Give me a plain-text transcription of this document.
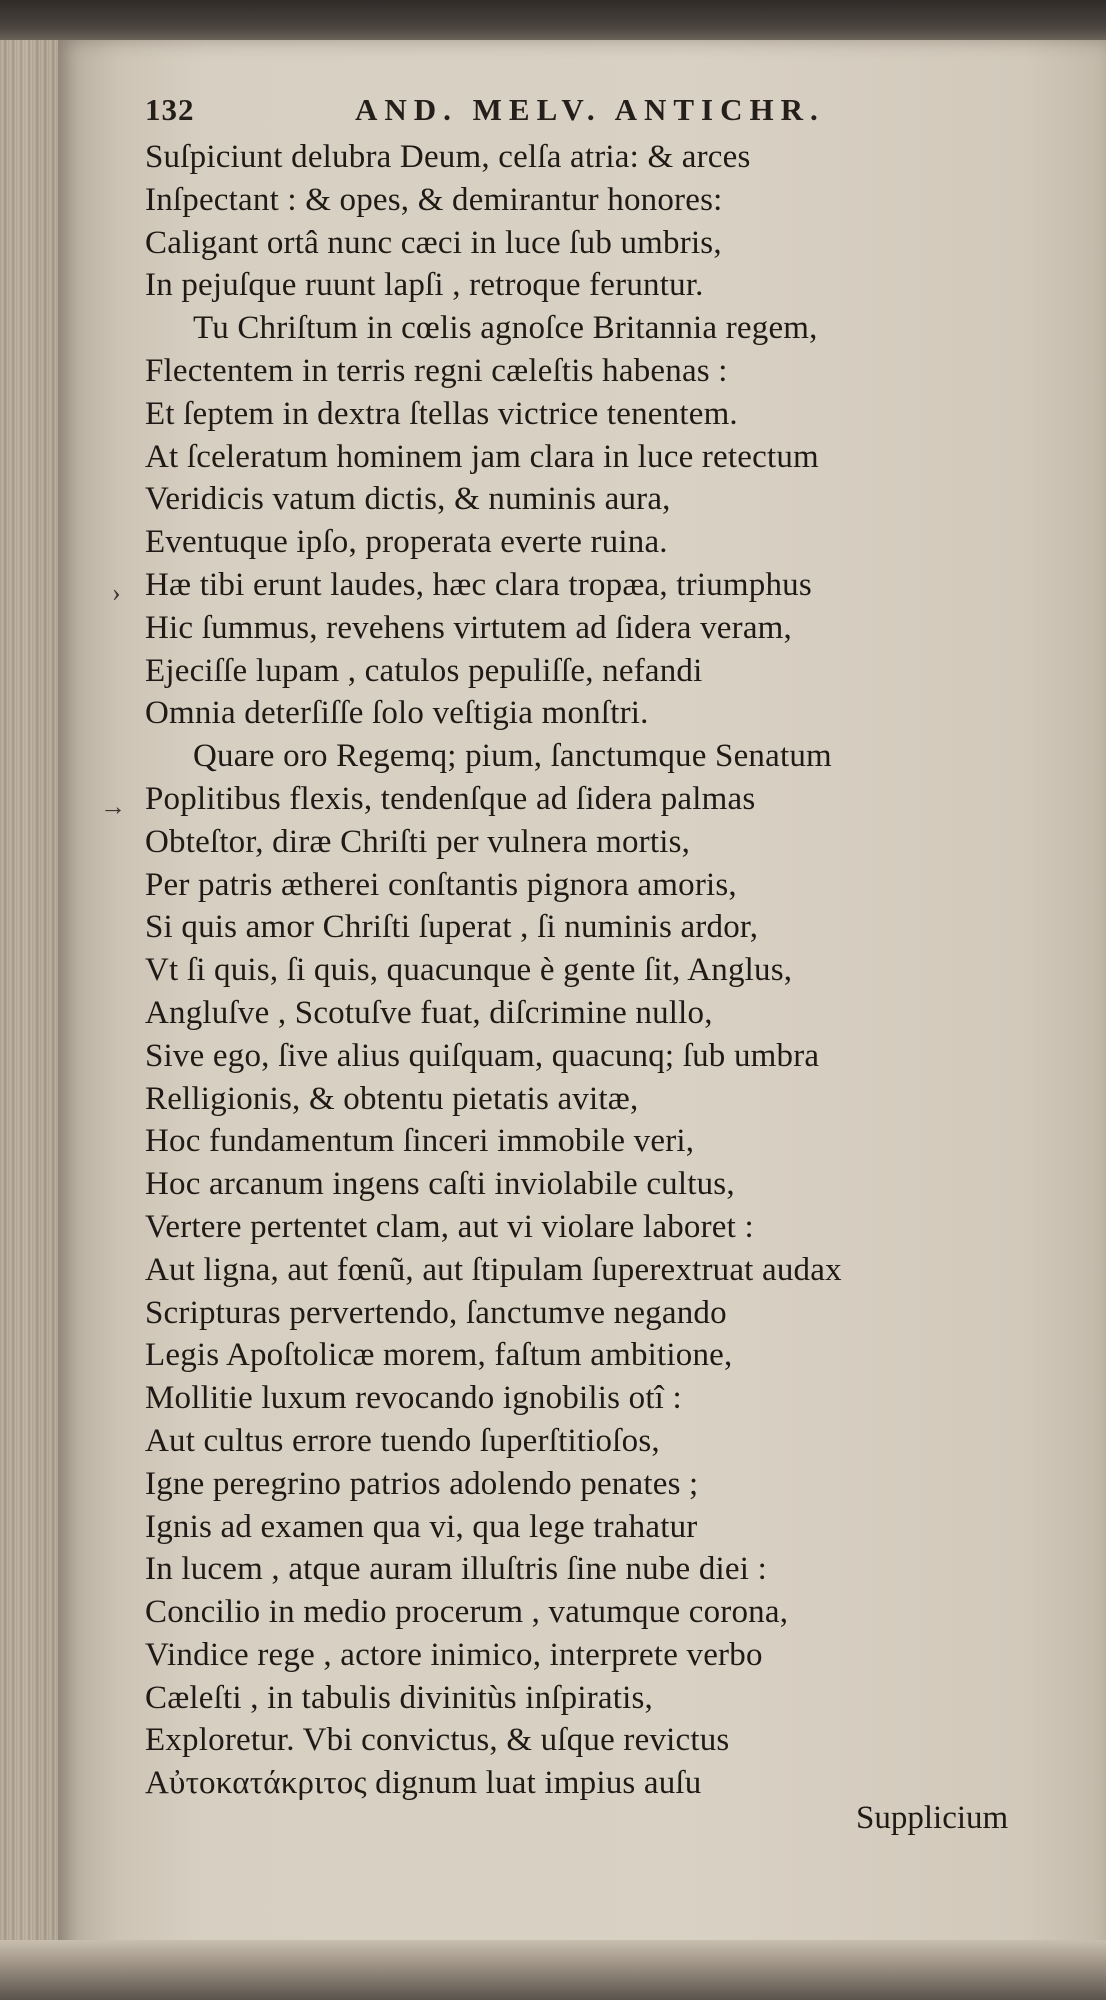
132	AND. MELV. ANTICHR.
›
→
Suſpiciunt delubra Deum, celſa atria: & arces
Inſpectant : & opes, & demirantur honores:
Caligant ortâ nunc cæci in luce ſub umbris,
In pejuſque ruunt lapſi , retroque feruntur.
Tu Chriſtum in cœlis agnoſce Britannia regem,
Flectentem in terris regni cæleſtis habenas :
Et ſeptem in dextra ſtellas victrice tenentem.
At ſceleratum hominem jam clara in luce retectum
Veridicis vatum dictis, & numinis aura,
Eventuque ipſo, properata everte ruina.
Hæ tibi erunt laudes, hæc clara tropæa, triumphus
Hic ſummus, revehens virtutem ad ſidera veram,
Ejeciſſe lupam , catulos pepuliſſe, nefandi
Omnia deterſiſſe ſolo veſtigia monſtri.
Quare oro Regemq; pium, ſanctumque Senatum
Poplitibus flexis, tendenſque ad ſidera palmas
Obteſtor, diræ Chriſti per vulnera mortis,
Per patris ætherei conſtantis pignora amoris,
Si quis amor Chriſti ſuperat , ſi numinis ardor,
Vt ſi quis, ſi quis, quacunque è gente ſit, Anglus,
Angluſve , Scotuſve fuat, diſcrimine nullo,
Sive ego, ſive alius quiſquam, quacunq; ſub umbra
Relligionis, & obtentu pietatis avitæ,
Hoc fundamentum ſinceri immobile veri,
Hoc arcanum ingens caſti inviolabile cultus,
Vertere pertentet clam, aut vi violare laboret :
Aut ligna, aut fœnũ, aut ſtipulam ſuperextruat audax
Scripturas pervertendo, ſanctumve negando
Legis Apoſtolicæ morem, faſtum ambitione,
Mollitie luxum revocando ignobilis otî :
Aut cultus errore tuendo ſuperſtitioſos,
Igne peregrino patrios adolendo penates ;
Ignis ad examen qua vi, qua lege trahatur
In lucem , atque auram illuſtris ſine nube diei :
Concilio in medio procerum , vatumque corona,
Vindice rege , actore inimico, interprete verbo
Cæleſti , in tabulis divinitùs inſpiratis,
Exploretur. Vbi convictus, & uſque revictus
Αὐτοκατάκριτος dignum luat impius auſu
Supplicium
